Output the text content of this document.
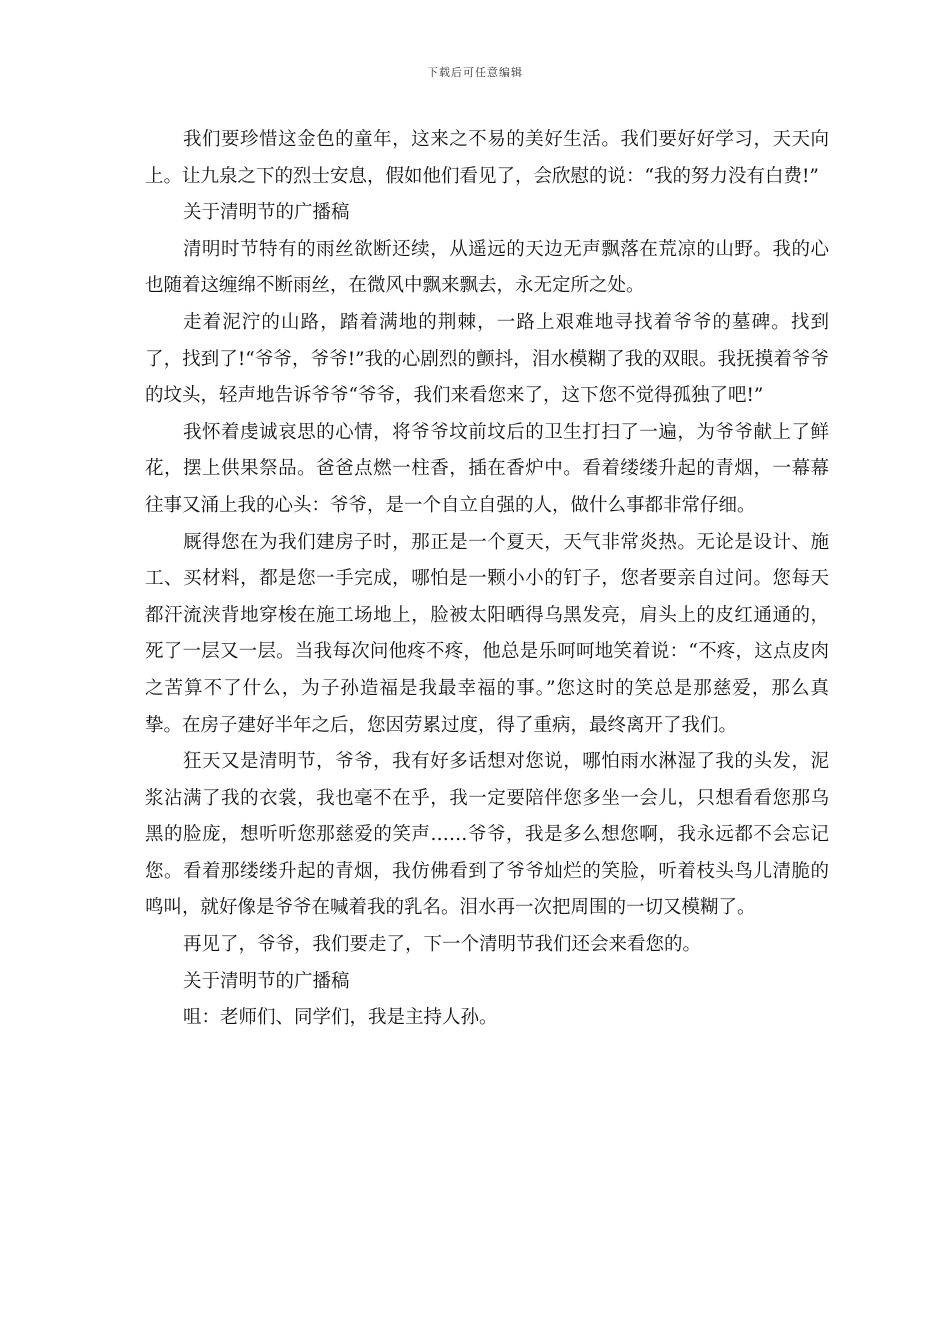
下载后可任意编辑

我们要珍惜这金色的童年，这来之不易的美好生活。我们要好好学习，天天向上。让九泉之下的烈士安息，假如他们看见了，会欣慰的说：“我的努力没有白费!”

关于清明节的广播稿

清明时节特有的雨丝欲断还续，从遥远的天边无声飘落在荒凉的山野。我的心也随着这缠绵不断雨丝，在微风中飘来飘去，永无定所之处。

走着泥泞的山路，踏着满地的荆棘，一路上艰难地寻找着爷爷的墓碑。找到了，找到了!“爷爷，爷爷!”我的心剧烈的颤抖，泪水模糊了我的双眼。我抚摸着爷爷的坟头，轻声地告诉爷爷“爷爷，我们来看您来了，这下您不觉得孤独了吧!”

我怀着虔诚哀思的心情，将爷爷坟前坟后的卫生打扫了一遍，为爷爷献上了鲜花，摆上供果祭品。爸爸点燃一柱香，插在香炉中。看着缕缕升起的青烟，一幕幕往事又涌上我的心头：爷爷，是一个自立自强的人，做什么事都非常仔细。

厩得您在为我们建房子时，那正是一个夏天，天气非常炎热。无论是设计、施工、买材料，都是您一手完成，哪怕是一颗小小的钉子，您者要亲自过问。您每天都汗流浃背地穿梭在施工场地上，脸被太阳晒得乌黑发亮，肩头上的皮红通通的，死了一层又一层。当我每次问他疼不疼，他总是乐呵呵地笑着说：“不疼，这点皮肉之苦算不了什么，为子孙造福是我最幸福的事。”您这时的笑总是那慈爱，那么真挚。在房子建好半年之后，您因劳累过度，得了重病，最终离开了我们。

狂天又是清明节，爷爷，我有好多话想对您说，哪怕雨水淋湿了我的头发，泥浆沾满了我的衣裳，我也毫不在乎，我一定要陪伴您多坐一会儿，只想看看您那乌黑的脸庞，想听听您那慈爱的笑声……爷爷，我是多么想您啊，我永远都不会忘记您。看着那缕缕升起的青烟，我仿佛看到了爷爷灿烂的笑脸，听着枝头鸟儿清脆的鸣叫，就好像是爷爷在喊着我的乳名。泪水再一次把周围的一切又模糊了。

再见了，爷爷，我们要走了，下一个清明节我们还会来看您的。

关于清明节的广播稿

咀：老师们、同学们，我是主持人孙。
